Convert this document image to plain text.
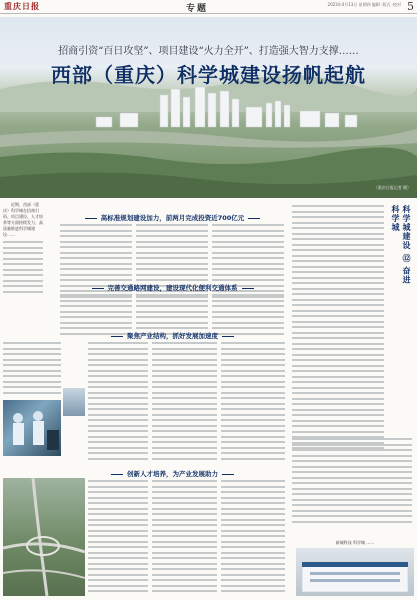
重庆日报	专题	2023年4月13日 星期四 编辑 ·版式 ·校对 5
招商引资“百日攻坚”、项目建设“火力全开”、打造强大智力支撑……
西部（重庆）科学城建设扬帆起航
（重庆日报记者 摄）
近期，西部（重庆）科学城在招商引资、项目建设、人才培养等方面持续发力，高质量推进科学城建设……
高标准规划建设加力，前两月完成投资近700亿元
完善交通路网建设，建设现代化便利交通体系
聚焦产业结构，抓好发展加速度
创新人才培养，为产业发展助力
科学城建设 ⑫ 奋进科学城
新城科技 科学城 ……
